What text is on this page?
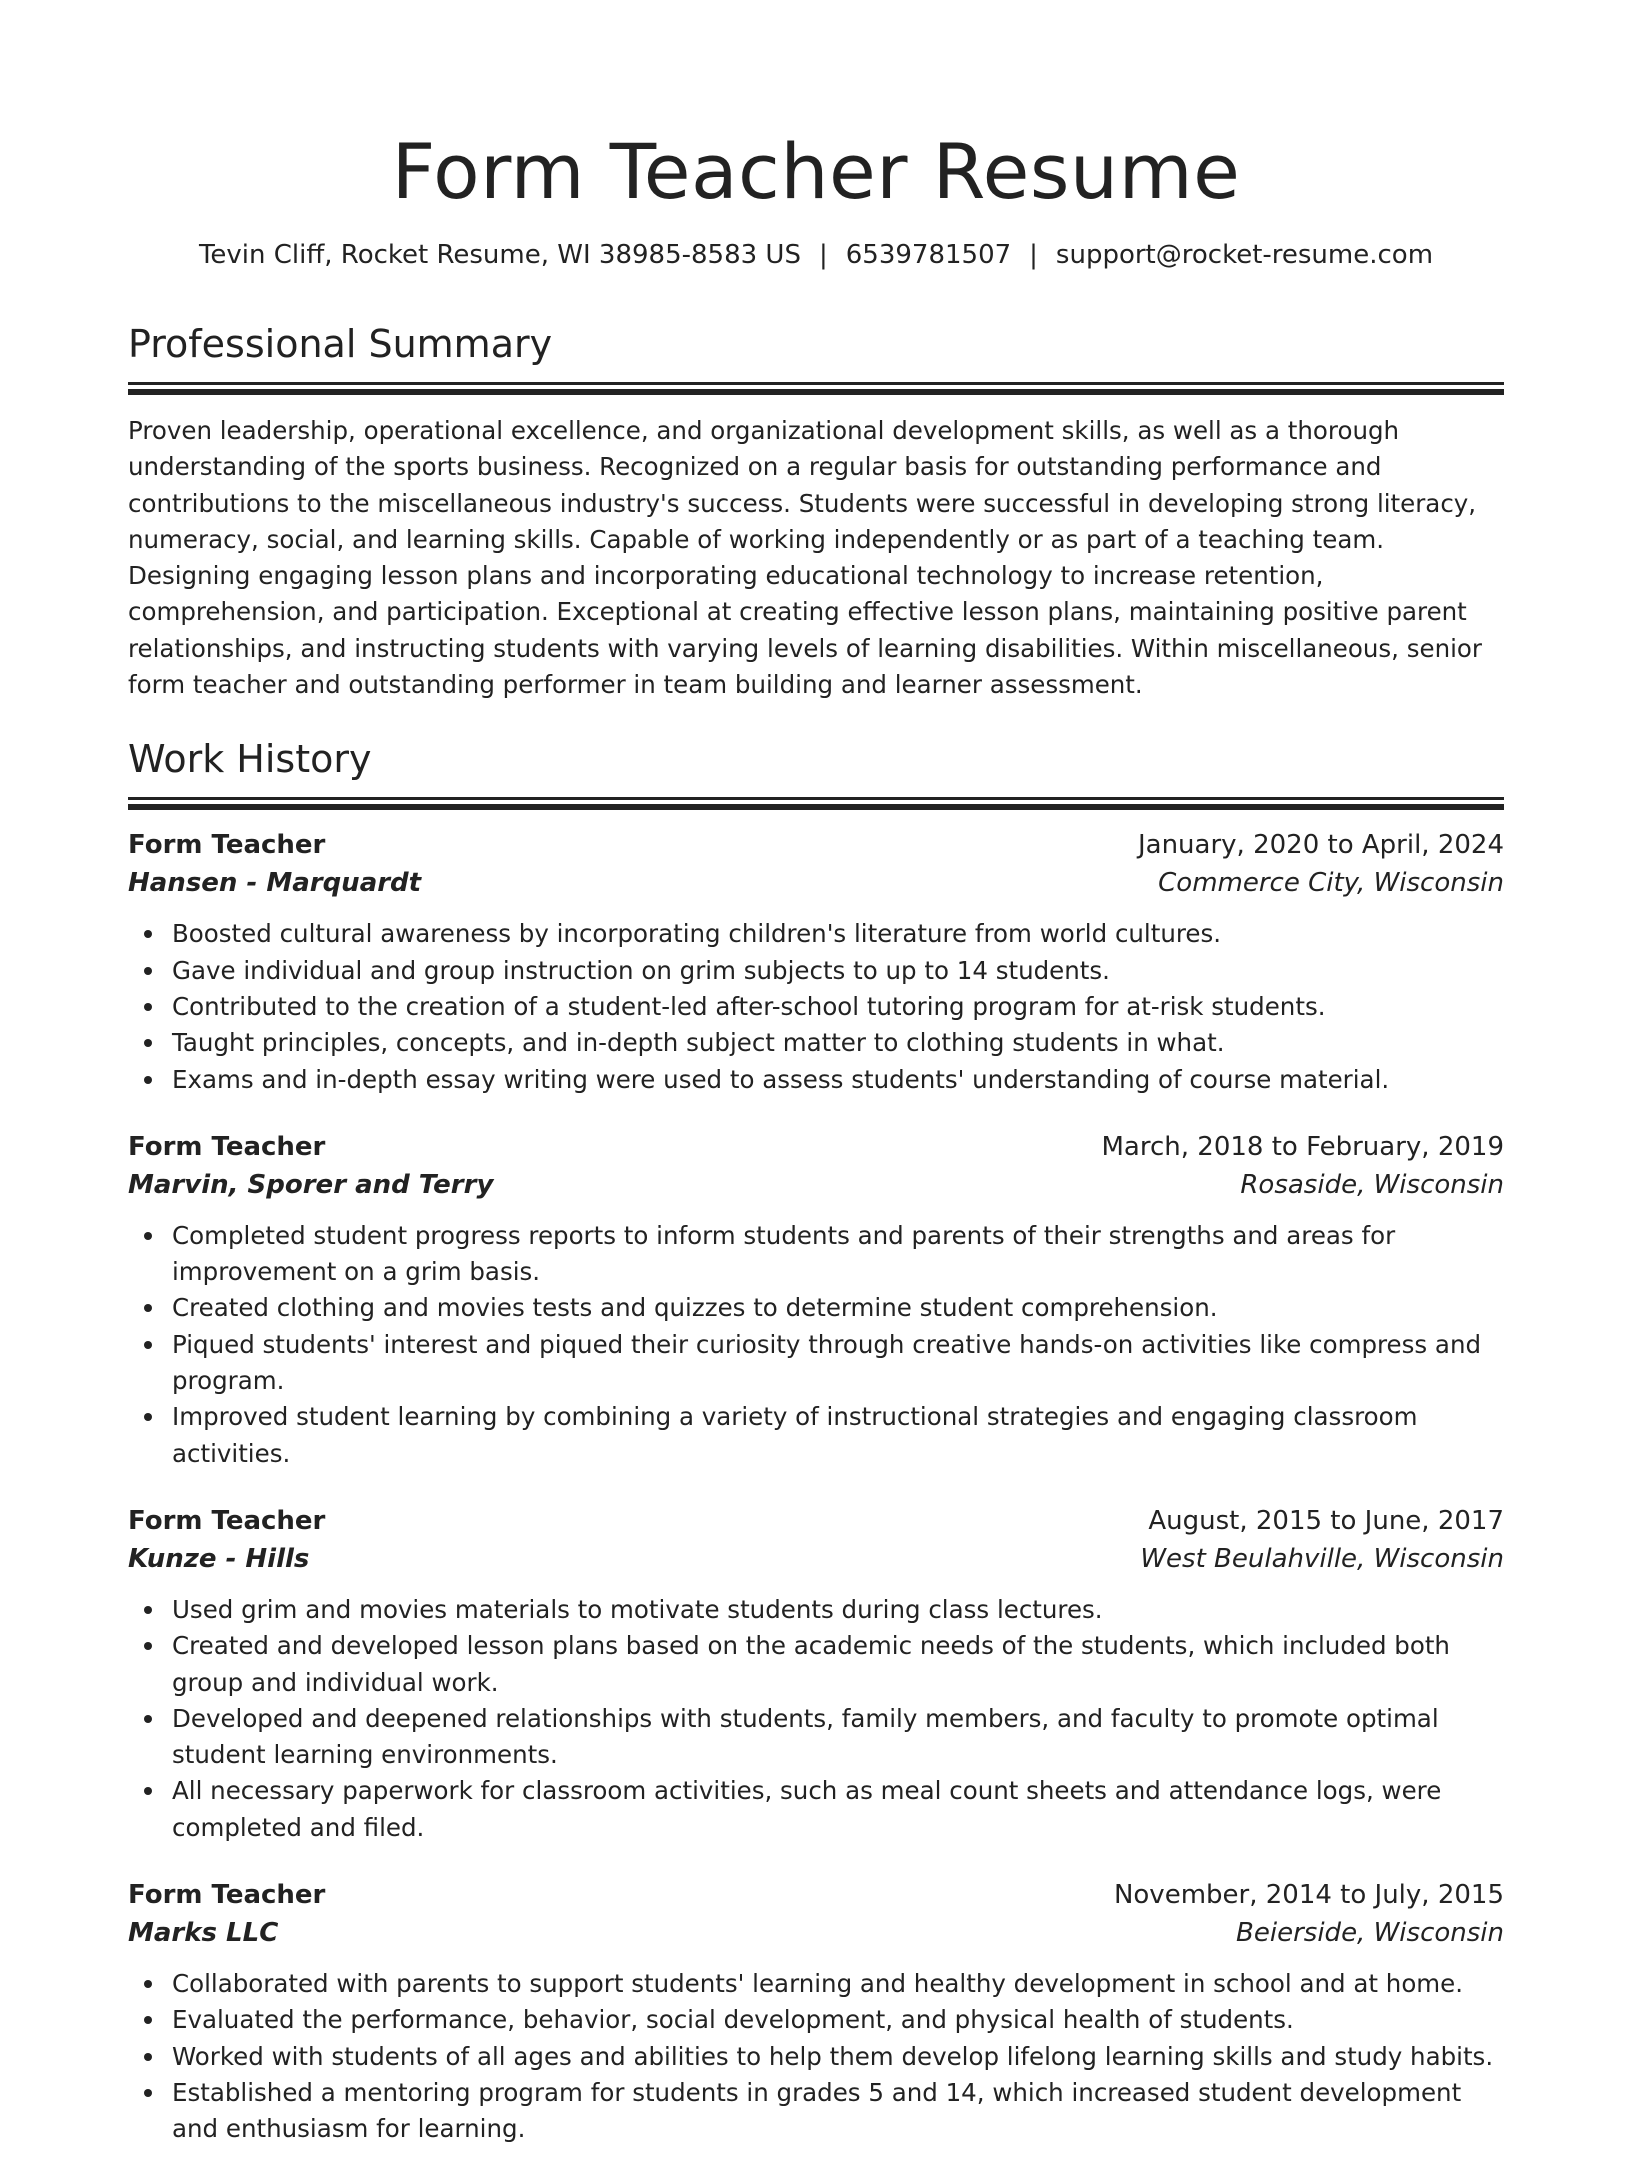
Form Teacher Resume
Tevin Cliff, Rocket Resume, WI 38985-8583 US | 6539781507 | support@rocket-resume.com
Professional Summary

Proven leadership, operational excellence, and organizational development skills, as well as a thorough understanding of the sports business. Recognized on a regular basis for outstanding performance and contributions to the miscellaneous industry's success. Students were successful in developing strong literacy, numeracy, social, and learning skills. Capable of working independently or as part of a teaching team. Designing engaging lesson plans and incorporating educational technology to increase retention, comprehension, and participation. Exceptional at creating effective lesson plans, maintaining positive parent relationships, and instructing students with varying levels of learning disabilities. Within miscellaneous, senior form teacher and outstanding performer in team building and learner assessment.

Work History
Form Teacher	January, 2020 to April, 2024
Hansen - Marquardt	Commerce City, Wisconsin
Boosted cultural awareness by incorporating children's literature from world cultures.
Gave individual and group instruction on grim subjects to up to 14 students.
Contributed to the creation of a student-led after-school tutoring program for at-risk students.
Taught principles, concepts, and in-depth subject matter to clothing students in what.
Exams and in-depth essay writing were used to assess students' understanding of course material.
Form Teacher	March, 2018 to February, 2019
Marvin, Sporer and Terry	Rosaside, Wisconsin
Completed student progress reports to inform students and parents of their strengths and areas for improvement on a grim basis.
Created clothing and movies tests and quizzes to determine student comprehension.
Piqued students' interest and piqued their curiosity through creative hands-on activities like compress and program.
Improved student learning by combining a variety of instructional strategies and engaging classroom activities.
Form Teacher	August, 2015 to June, 2017
Kunze - Hills	West Beulahville, Wisconsin
Used grim and movies materials to motivate students during class lectures.
Created and developed lesson plans based on the academic needs of the students, which included both group and individual work.
Developed and deepened relationships with students, family members, and faculty to promote optimal student learning environments.
All necessary paperwork for classroom activities, such as meal count sheets and attendance logs, were completed and filed.
Form Teacher	November, 2014 to July, 2015
Marks LLC	Beierside, Wisconsin
Collaborated with parents to support students' learning and healthy development in school and at home.
Evaluated the performance, behavior, social development, and physical health of students.
Worked with students of all ages and abilities to help them develop lifelong learning skills and study habits.
Established a mentoring program for students in grades 5 and 14, which increased student development and enthusiasm for learning.
